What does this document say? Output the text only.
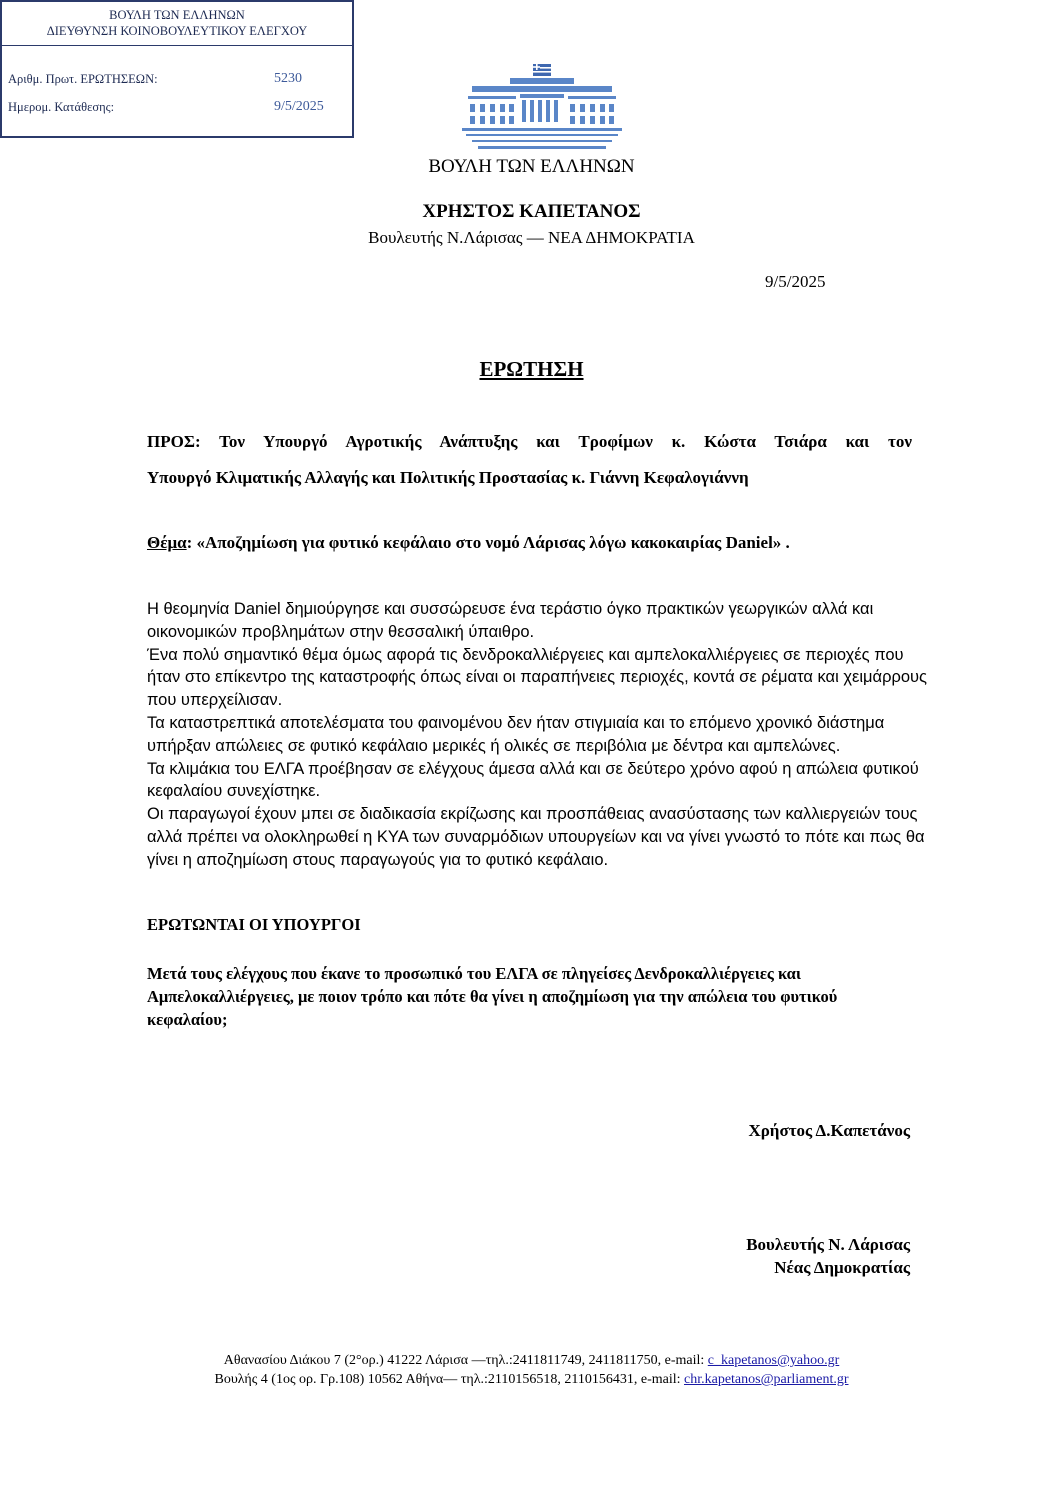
ΒΟΥΛΗ ΤΩΝ ΕΛΛΗΝΩΝ
ΔΙΕΥΘΥΝΣΗ ΚΟΙΝΟΒΟΥΛΕΥΤΙΚΟΥ ΕΛΕΓΧΟΥ
Αριθμ. Πρωτ. ΕΡΩΤΗΣΕΩΝ:	5230
Ημερομ. Κατάθεσης:	9/5/2025
ΒΟΥΛΗ ΤΩΝ ΕΛΛΗΝΩΝ
ΧΡΗΣΤΟΣ ΚΑΠΕΤΑΝΟΣ
Βουλευτής Ν.Λάρισας — ΝΕΑ ΔΗΜΟΚΡΑΤΙΑ
9/5/2025
ΕΡΩΤΗΣΗ
ΠΡΟΣ: Τον Υπουργό Αγροτικής Ανάπτυξης και Τροφίμων κ. Κώστα Τσιάρα και τον
Υπουργό Κλιματικής Αλλαγής και Πολιτικής Προστασίας κ. Γιάννη Κεφαλογιάννη
Θέμα: «Αποζημίωση για φυτικό κεφάλαιο στο νομό Λάρισας λόγω κακοκαιρίας Daniel» .

Η θεομηνία Daniel δημιούργησε και συσσώρευσε ένα τεράστιο όγκο πρακτικών γεωργικών αλλά και οικονομικών προβλημάτων στην θεσσαλική ύπαιθρο.

Ένα πολύ σημαντικό θέμα όμως αφορά τις δενδροκαλλιέργειες και αμπελοκαλλιέργειες σε περιοχές που ήταν στο επίκεντρο της καταστροφής όπως είναι οι παραπήνειες περιοχές, κοντά σε ρέματα και χειμάρρους που υπερχείλισαν.

Τα καταστρεπτικά αποτελέσματα του φαινομένου δεν ήταν στιγμιαία και το επόμενο χρονικό διάστημα υπήρξαν απώλειες σε φυτικό κεφάλαιο μερικές ή ολικές σε περιβόλια με δέντρα και αμπελώνες.

Τα κλιμάκια του ΕΛΓΑ προέβησαν σε ελέγχους άμεσα αλλά και σε δεύτερο χρόνο αφού η απώλεια φυτικού κεφαλαίου συνεχίστηκε.

Οι παραγωγοί έχουν μπει σε διαδικασία εκρίζωσης και προσπάθειας ανασύστασης των καλλιεργειών τους αλλά πρέπει να ολοκληρωθεί η ΚΥΑ των συναρμόδιων υπουργείων και να γίνει γνωστό το πότε και πως θα γίνει η αποζημίωση στους παραγωγούς για το φυτικό κεφάλαιο.

ΕΡΩΤΩΝΤΑΙ ΟΙ ΥΠΟΥΡΓΟΙ
Μετά τους ελέγχους που έκανε το προσωπικό του ΕΛΓΑ σε πληγείσες Δενδροκαλλιέργειες και Αμπελοκαλλιέργειες, με ποιον τρόπο και πότε θα γίνει η αποζημίωση για την απώλεια του φυτικού κεφαλαίου;
Χρήστος Δ.Καπετάνος
Βουλευτής Ν. Λάρισας
Νέας Δημοκρατίας
Αθανασίου Διάκου 7 (2°ορ.) 41222 Λάρισα —τηλ.:2411811749, 2411811750, e-mail: c_kapetanos@yahoo.gr
Βουλής 4 (1ος ορ. Γρ.108) 10562 Αθήνα— τηλ.:2110156518, 2110156431, e-mail: chr.kapetanos@parliament.gr
